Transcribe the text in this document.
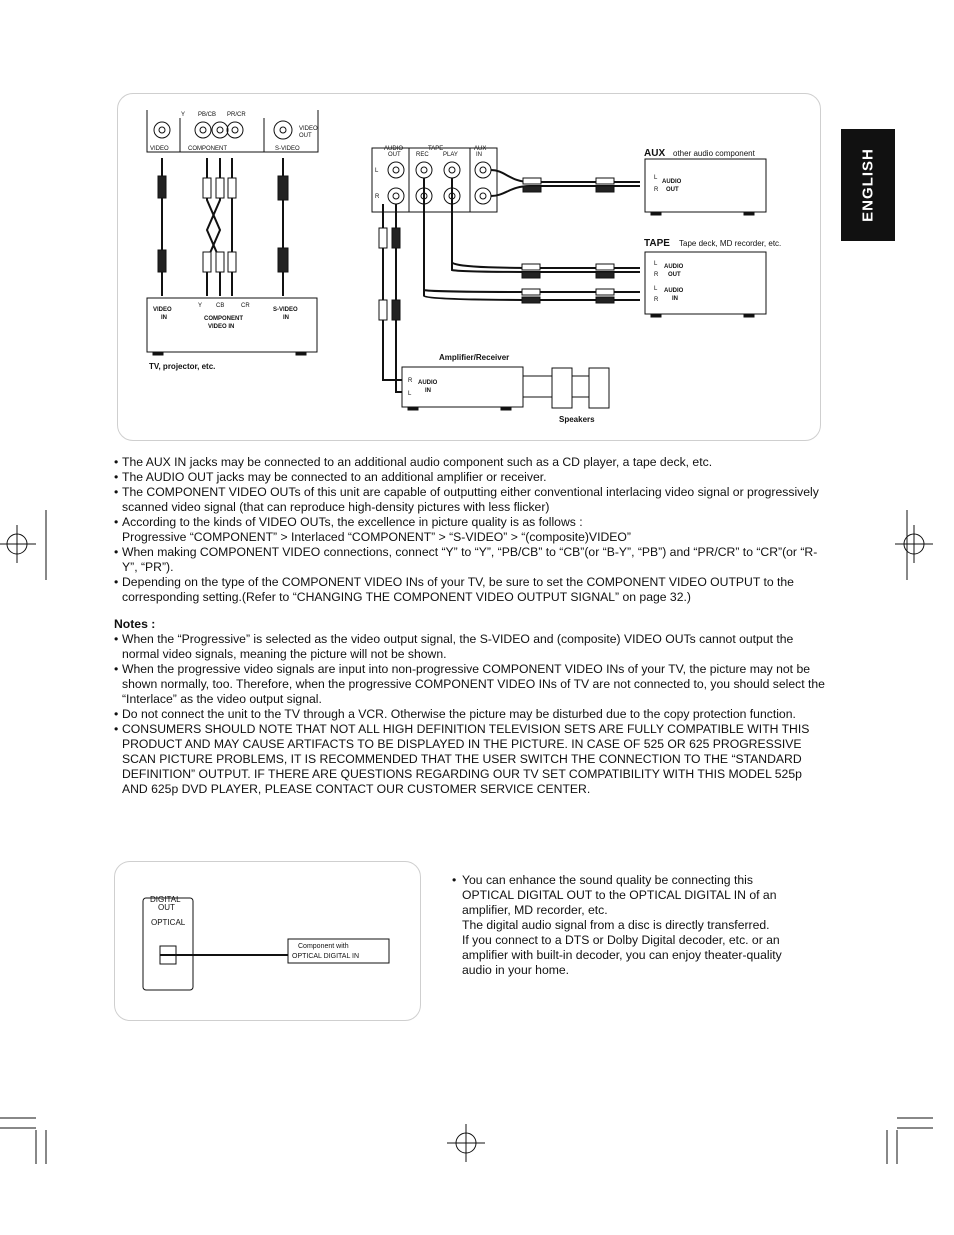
ENGLISH
VIDEO	COMPONENT	S-VIDEO
VIDEO
OUT
Y PB/CB PR/CR
AUDIO
OUT
TAPE
REC PLAY
AUX
IN
L
R
VIDEO
IN	COMPONENT
VIDEO IN
S-VIDEO
IN
Y CB	CR
L
R
AUDIO
OUT
L
R
AUDIO
OUT
L
R
AUDIO
IN
R
L
AUDIO
IN
other audio component
Tape deck, MD recorder, etc.
TV, projector, etc.
Amplifier/Receiver
Speakers
DIGITAL
OUT
OPTICAL
Component with
OPTICAL DIGITAL IN
AUX
TAPE
• The AUX IN jacks may be connected to an additional audio component such as a CD player, a tape deck, etc.
• The AUDIO OUT jacks may be connected to an additional amplifier or receiver.
• The COMPONENT VIDEO OUTs of this unit are capable of outputting either conventional interlacing video signal or progressively scanned video signal (that can reproduce high-density pictures with less flicker)
• According to the kinds of VIDEO OUTs, the excellence in picture quality is as follows :
Progressive “COMPONENT” > Interlaced “COMPONENT” > “S-VIDEO” > “(composite)VIDEO”
• When making COMPONENT VIDEO connections, connect “Y” to “Y”, “PB/CB” to “CB”(or “B-Y”, “PB”) and “PR/CR” to “CR”(or “R-Y”, “PR”).
• Depending on the type of the COMPONENT VIDEO INs of your TV, be sure to set the COMPONENT VIDEO OUTPUT to the corresponding setting.(Refer to “CHANGING THE COMPONENT VIDEO OUTPUT SIGNAL” on page 32.)
Notes :
• When the “Progressive” is selected as the video output signal, the S-VIDEO and (composite) VIDEO OUTs cannot output the normal video signals, meaning the picture will not be shown.
• When the progressive video signals are input into non-progressive COMPONENT VIDEO INs of your TV, the picture may not be shown normally, too. Therefore, when the progressive COMPONENT VIDEO INs of TV are not connected to, you should select the “Interlace” as the video output signal.
• Do not connect the unit to the TV through a VCR. Otherwise the picture may be disturbed due to the copy protection function.
• CONSUMERS SHOULD NOTE THAT NOT ALL HIGH DEFINITION TELEVISION SETS ARE FULLY COMPATIBLE WITH THIS PRODUCT AND MAY CAUSE ARTIFACTS TO BE DISPLAYED IN THE PICTURE. IN CASE OF 525 OR 625 PROGRESSIVE SCAN PICTURE PROBLEMS, IT IS RECOMMENDED THAT THE USER SWITCH THE CONNECTION TO THE “STANDARD DEFINITION” OUTPUT. IF THERE ARE QUESTIONS REGARDING OUR TV SET COMPATIBILITY WITH THIS MODEL 525p AND 625p DVD PLAYER, PLEASE CONTACT OUR CUSTOMER SERVICE CENTER.
• You can enhance the sound quality be connecting this OPTICAL DIGITAL OUT to the OPTICAL DIGITAL IN of an amplifier, MD recorder, etc.
The digital audio signal from a disc is directly transferred.
If you connect to a DTS or Dolby Digital decoder, etc. or an amplifier with built-in decoder, you can enjoy theater-quality audio in your home.
